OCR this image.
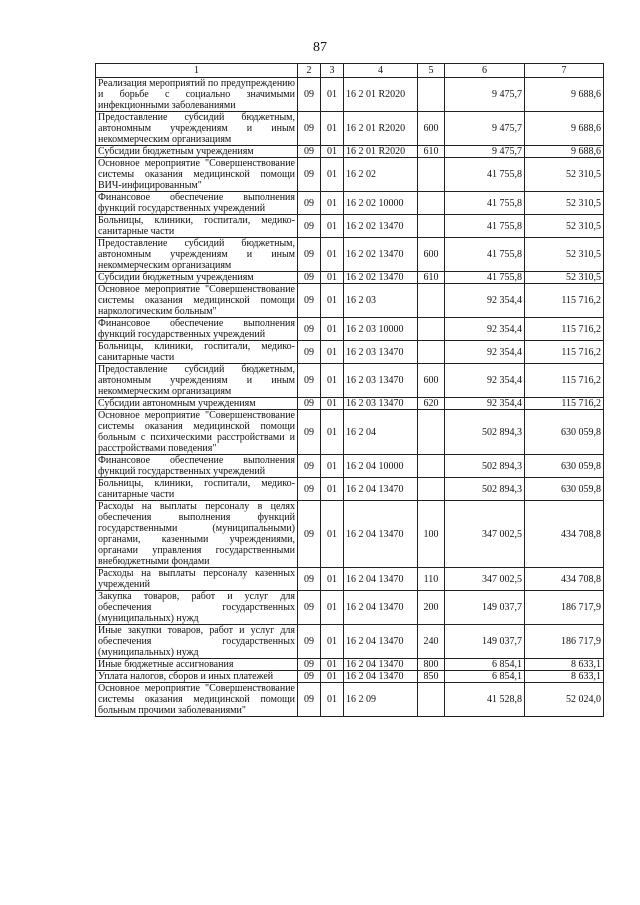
87
1	2	3	4	5	6	7
Реализация мероприятий по предупреждению и борьбе с социально значимыми инфекционными заболеваниями	09	01	16 2 01 R2020		9 475,7	9 688,6
Предоставление субсидий бюджетным, автономным учреждениям и иным некоммерческим организациям	09	01	16 2 01 R2020	600	9 475,7	9 688,6
Субсидии бюджетным учреждениям	09	01	16 2 01 R2020	610	9 475,7	9 688,6
Основное мероприятие "Совершенствование системы оказания медицинской помощи ВИЧ-инфицированным"	09	01	16 2 02		41 755,8	52 310,5
Финансовое обеспечение выполнения функций государственных учреждений	09	01	16 2 02 10000		41 755,8	52 310,5
Больницы, клиники, госпитали, медико-санитарные части	09	01	16 2 02 13470		41 755,8	52 310,5
Предоставление субсидий бюджетным, автономным учреждениям и иным некоммерческим организациям	09	01	16 2 02 13470	600	41 755,8	52 310,5
Субсидии бюджетным учреждениям	09	01	16 2 02 13470	610	41 755,8	52 310,5
Основное мероприятие "Совершенствование системы оказания медицинской помощи наркологическим больным"	09	01	16 2 03		92 354,4	115 716,2
Финансовое обеспечение выполнения функций государственных учреждений	09	01	16 2 03 10000		92 354,4	115 716,2
Больницы, клиники, госпитали, медико-санитарные части	09	01	16 2 03 13470		92 354,4	115 716,2
Предоставление субсидий бюджетным, автономным учреждениям и иным некоммерческим организациям	09	01	16 2 03 13470	600	92 354,4	115 716,2
Субсидии автономным учреждениям	09	01	16 2 03 13470	620	92 354,4	115 716,2
Основное мероприятие "Совершенствование системы оказания медицинской помощи больным с психическими расстройствами и расстройствами поведения"	09	01	16 2 04		502 894,3	630 059,8
Финансовое обеспечение выполнения функций государственных учреждений	09	01	16 2 04 10000		502 894,3	630 059,8
Больницы, клиники, госпитали, медико-санитарные части	09	01	16 2 04 13470		502 894,3	630 059,8
Расходы на выплаты персоналу в целях обеспечения выполнения функций государственными (муниципальными) органами, казенными учреждениями, органами управления государственными внебюджетными фондами	09	01	16 2 04 13470	100	347 002,5	434 708,8
Расходы на выплаты персоналу казенных учреждений	09	01	16 2 04 13470	110	347 002,5	434 708,8
Закупка товаров, работ и услуг для обеспечения государственных (муниципальных) нужд	09	01	16 2 04 13470	200	149 037,7	186 717,9
Иные закупки товаров, работ и услуг для обеспечения государственных (муниципальных) нужд	09	01	16 2 04 13470	240	149 037,7	186 717,9
Иные бюджетные ассигнования	09	01	16 2 04 13470	800	6 854,1	8 633,1
Уплата налогов, сборов и иных платежей	09	01	16 2 04 13470	850	6 854,1	8 633,1
Основное мероприятие "Совершенствование системы оказания медицинской помощи больным прочими заболеваниями"	09	01	16 2 09		41 528,8	52 024,0
